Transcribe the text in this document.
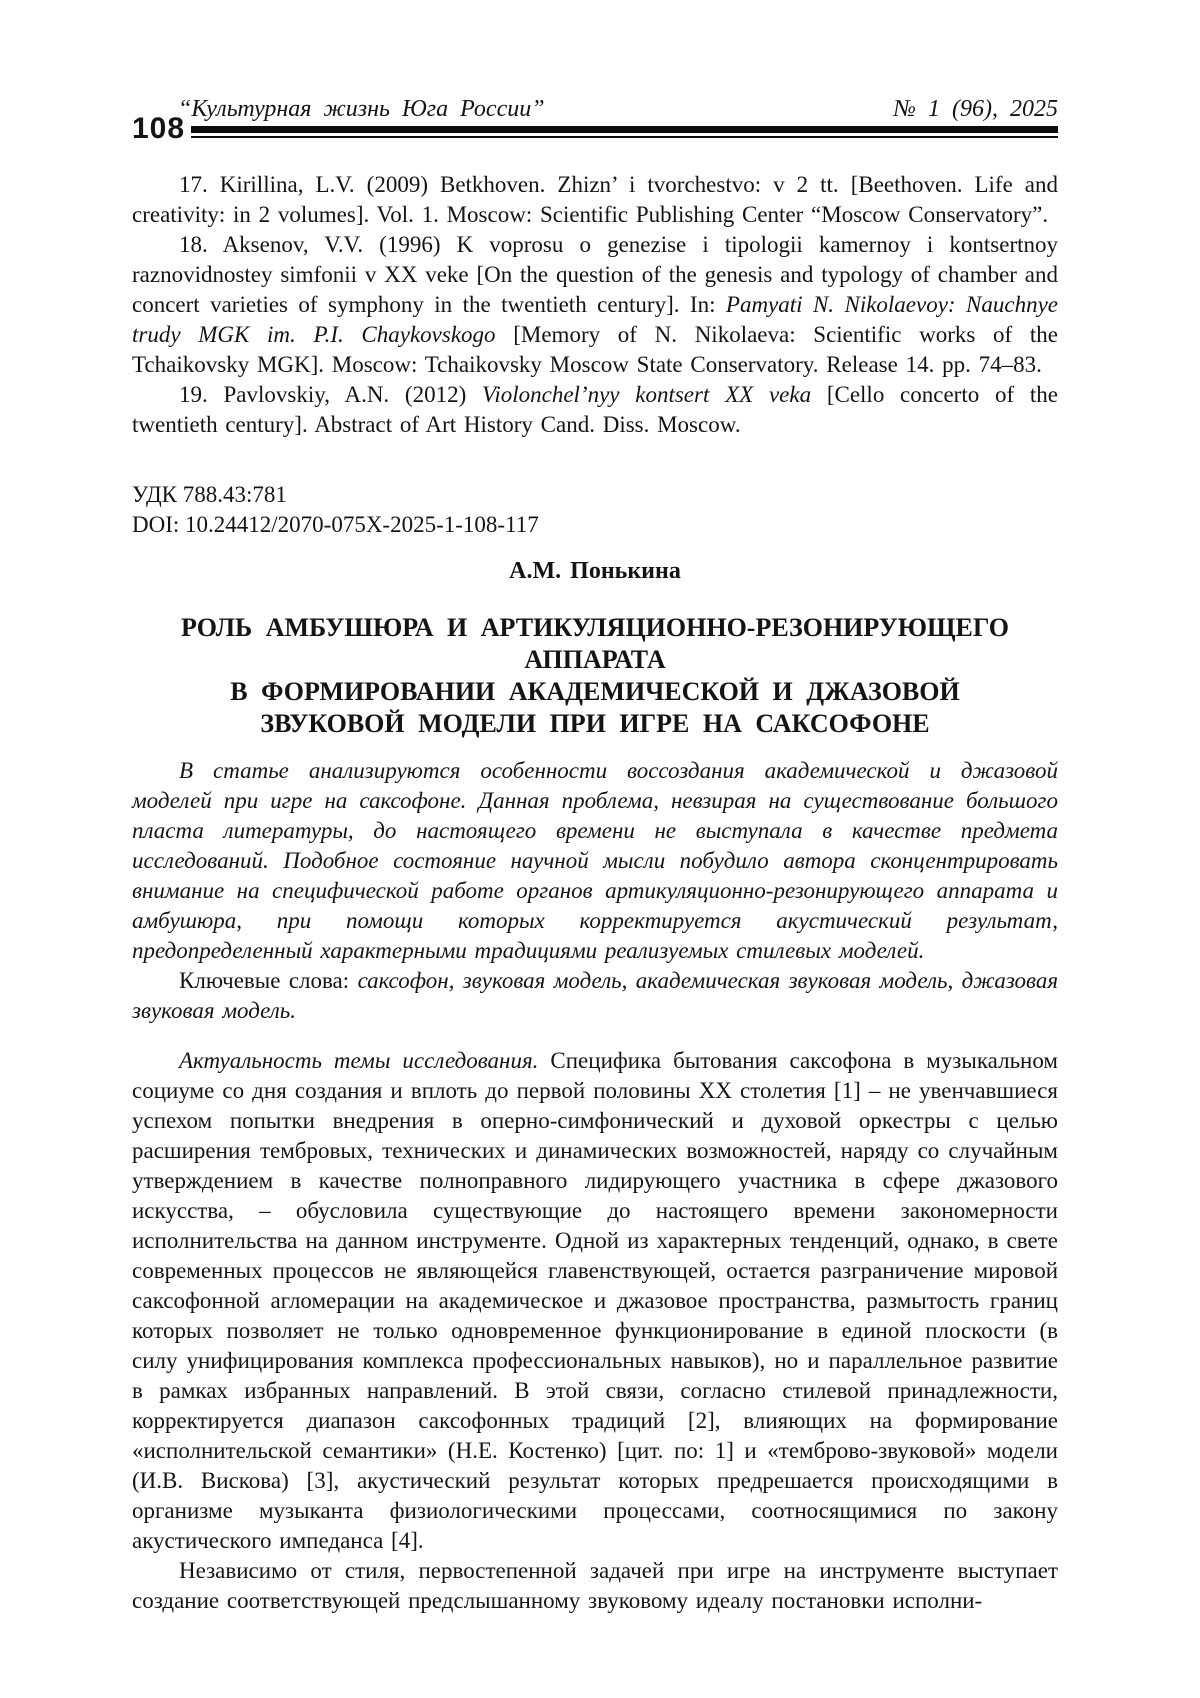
“Культурная жизнь Юга России”	№ 1 (96), 2025
108

17. Kirillina, L.V. (2009) Betkhoven. Zhizn’ i tvorchestvo: v 2 tt. [Beethoven. Life and creativity: in 2 volumes]. Vol. 1. Moscow: Scientific Publishing Center “Moscow Conservatory”.

18. Aksenov, V.V. (1996) K voprosu o genezise i tipologii kamernoy i kontsertnoy raznovidnostey simfonii v XX veke [On the question of the genesis and typology of chamber and concert varieties of symphony in the twentieth century]. In: Pamyati N. Nikolaevoy: Nauchnye trudy MGK im. P.I. Chaykovskogo [Memory of N. Nikolaeva: Scientific works of the Tchaikovsky MGK]. Moscow: Tchaikovsky Moscow State Conservatory. Release 14. pp. 74–83.

19. Pavlovskiy, A.N. (2012) Violonchel’nyy kontsert XX veka [Cello concerto of the twentieth century]. Abstract of Art History Cand. Diss. Moscow.

УДК 788.43:781
DOI: 10.24412/2070-075X-2025-1-108-117
А.М. Понькина
РОЛЬ АМБУШЮРА И АРТИКУЛЯЦИОННО-РЕЗОНИРУЮЩЕГО АППАРАТА
В ФОРМИРОВАНИИ АКАДЕМИЧЕСКОЙ И ДЖАЗОВОЙ
ЗВУКОВОЙ МОДЕЛИ ПРИ ИГРЕ НА САКСОФОНЕ

В статье анализируются особенности воссоздания академической и джазовой моделей при игре на саксофоне. Данная проблема, невзирая на существование большого пласта литературы, до настоящего времени не выступала в качестве предмета исследований. Подобное состояние научной мысли побудило автора сконцентрировать внимание на специфической работе органов артикуляционно-резонирующего аппарата и амбушюра, при помощи которых корректируется акустический результат, предопределенный характерными традициями реализуемых стилевых моделей.

Ключевые слова: саксофон, звуковая модель, академическая звуковая модель, джазовая звуковая модель.

Актуальность темы исследования. Специфика бытования саксофона в музыкальном социуме со дня создания и вплоть до первой половины XX столетия [1] – не увенчавшиеся успехом попытки внедрения в оперно-симфонический и духовой оркестры с целью расширения тембровых, технических и динамических возможностей, наряду со случайным утверждением в качестве полноправного лидирующего участника в сфере джазового искусства, – обусловила существующие до настоящего времени закономерности исполнительства на данном инструменте. Одной из характерных тенденций, однако, в свете современных процессов не являющейся главенствующей, остается разграничение мировой саксофонной агломерации на академическое и джазовое пространства, размытость границ которых позволяет не только одновременное функционирование в единой плоскости (в силу унифицирования комплекса профессиональных навыков), но и параллельное развитие в рамках избранных направлений. В этой связи, согласно стилевой принадлежности, корректируется диапазон саксофонных традиций [2], влияющих на формирование «исполнительской семантики» (Н.Е. Костенко) [цит. по: 1] и «темброво-звуковой» модели (И.В. Вискова) [3], акустический результат которых предрешается происходящими в организме музыканта физиологическими процессами, соотносящимися по закону акустического импеданса [4].

Независимо от стиля, первостепенной задачей при игре на инструменте выступает создание соответствующей предслышанному звуковому идеалу постановки исполни-
